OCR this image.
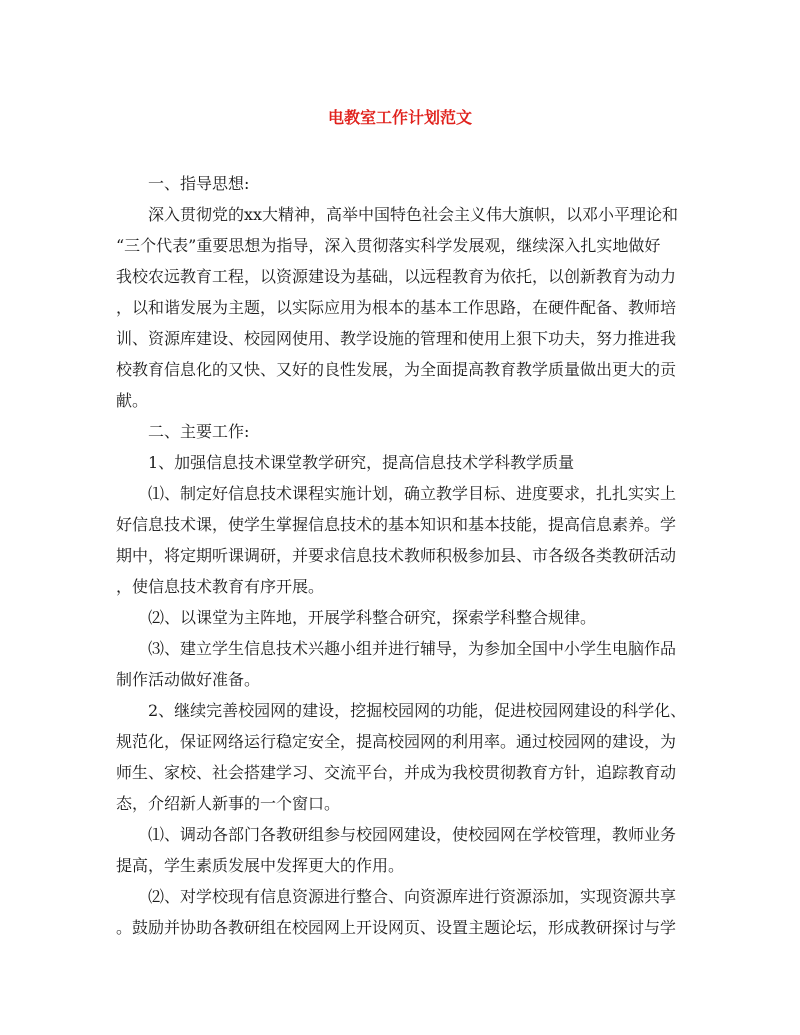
电教室工作计划范文
一、指导思想:
深入贯彻党的xx大精神，高举中国特色社会主义伟大旗帜，以邓小平理论和
“三个代表”重要思想为指导，深入贯彻落实科学发展观，继续深入扎实地做好
我校农远教育工程，以资源建设为基础，以远程教育为依托，以创新教育为动力
，以和谐发展为主题，以实际应用为根本的基本工作思路，在硬件配备、教师培
训、资源库建设、校园网使用、教学设施的管理和使用上狠下功夫，努力推进我
校教育信息化的又快、又好的良性发展，为全面提高教育教学质量做出更大的贡
献。
二、主要工作:
1、加强信息技术课堂教学研究，提高信息技术学科教学质量
⑴、制定好信息技术课程实施计划，确立教学目标、进度要求，扎扎实实上
好信息技术课，使学生掌握信息技术的基本知识和基本技能，提高信息素养。学
期中，将定期听课调研，并要求信息技术教师积极参加县、市各级各类教研活动
，使信息技术教育有序开展。
⑵、以课堂为主阵地，开展学科整合研究，探索学科整合规律。
⑶、建立学生信息技术兴趣小组并进行辅导，为参加全国中小学生电脑作品
制作活动做好准备。
2、继续完善校园网的建设，挖掘校园网的功能，促进校园网建设的科学化、
规范化，保证网络运行稳定安全，提高校园网的利用率。通过校园网的建设，为
师生、家校、社会搭建学习、交流平台，并成为我校贯彻教育方针，追踪教育动
态，介绍新人新事的一个窗口。
⑴、调动各部门各教研组参与校园网建设，使校园网在学校管理，教师业务
提高，学生素质发展中发挥更大的作用。
⑵、对学校现有信息资源进行整合、向资源库进行资源添加，实现资源共享
。鼓励并协助各教研组在校园网上开设网页、设置主题论坛，形成教研探讨与学
